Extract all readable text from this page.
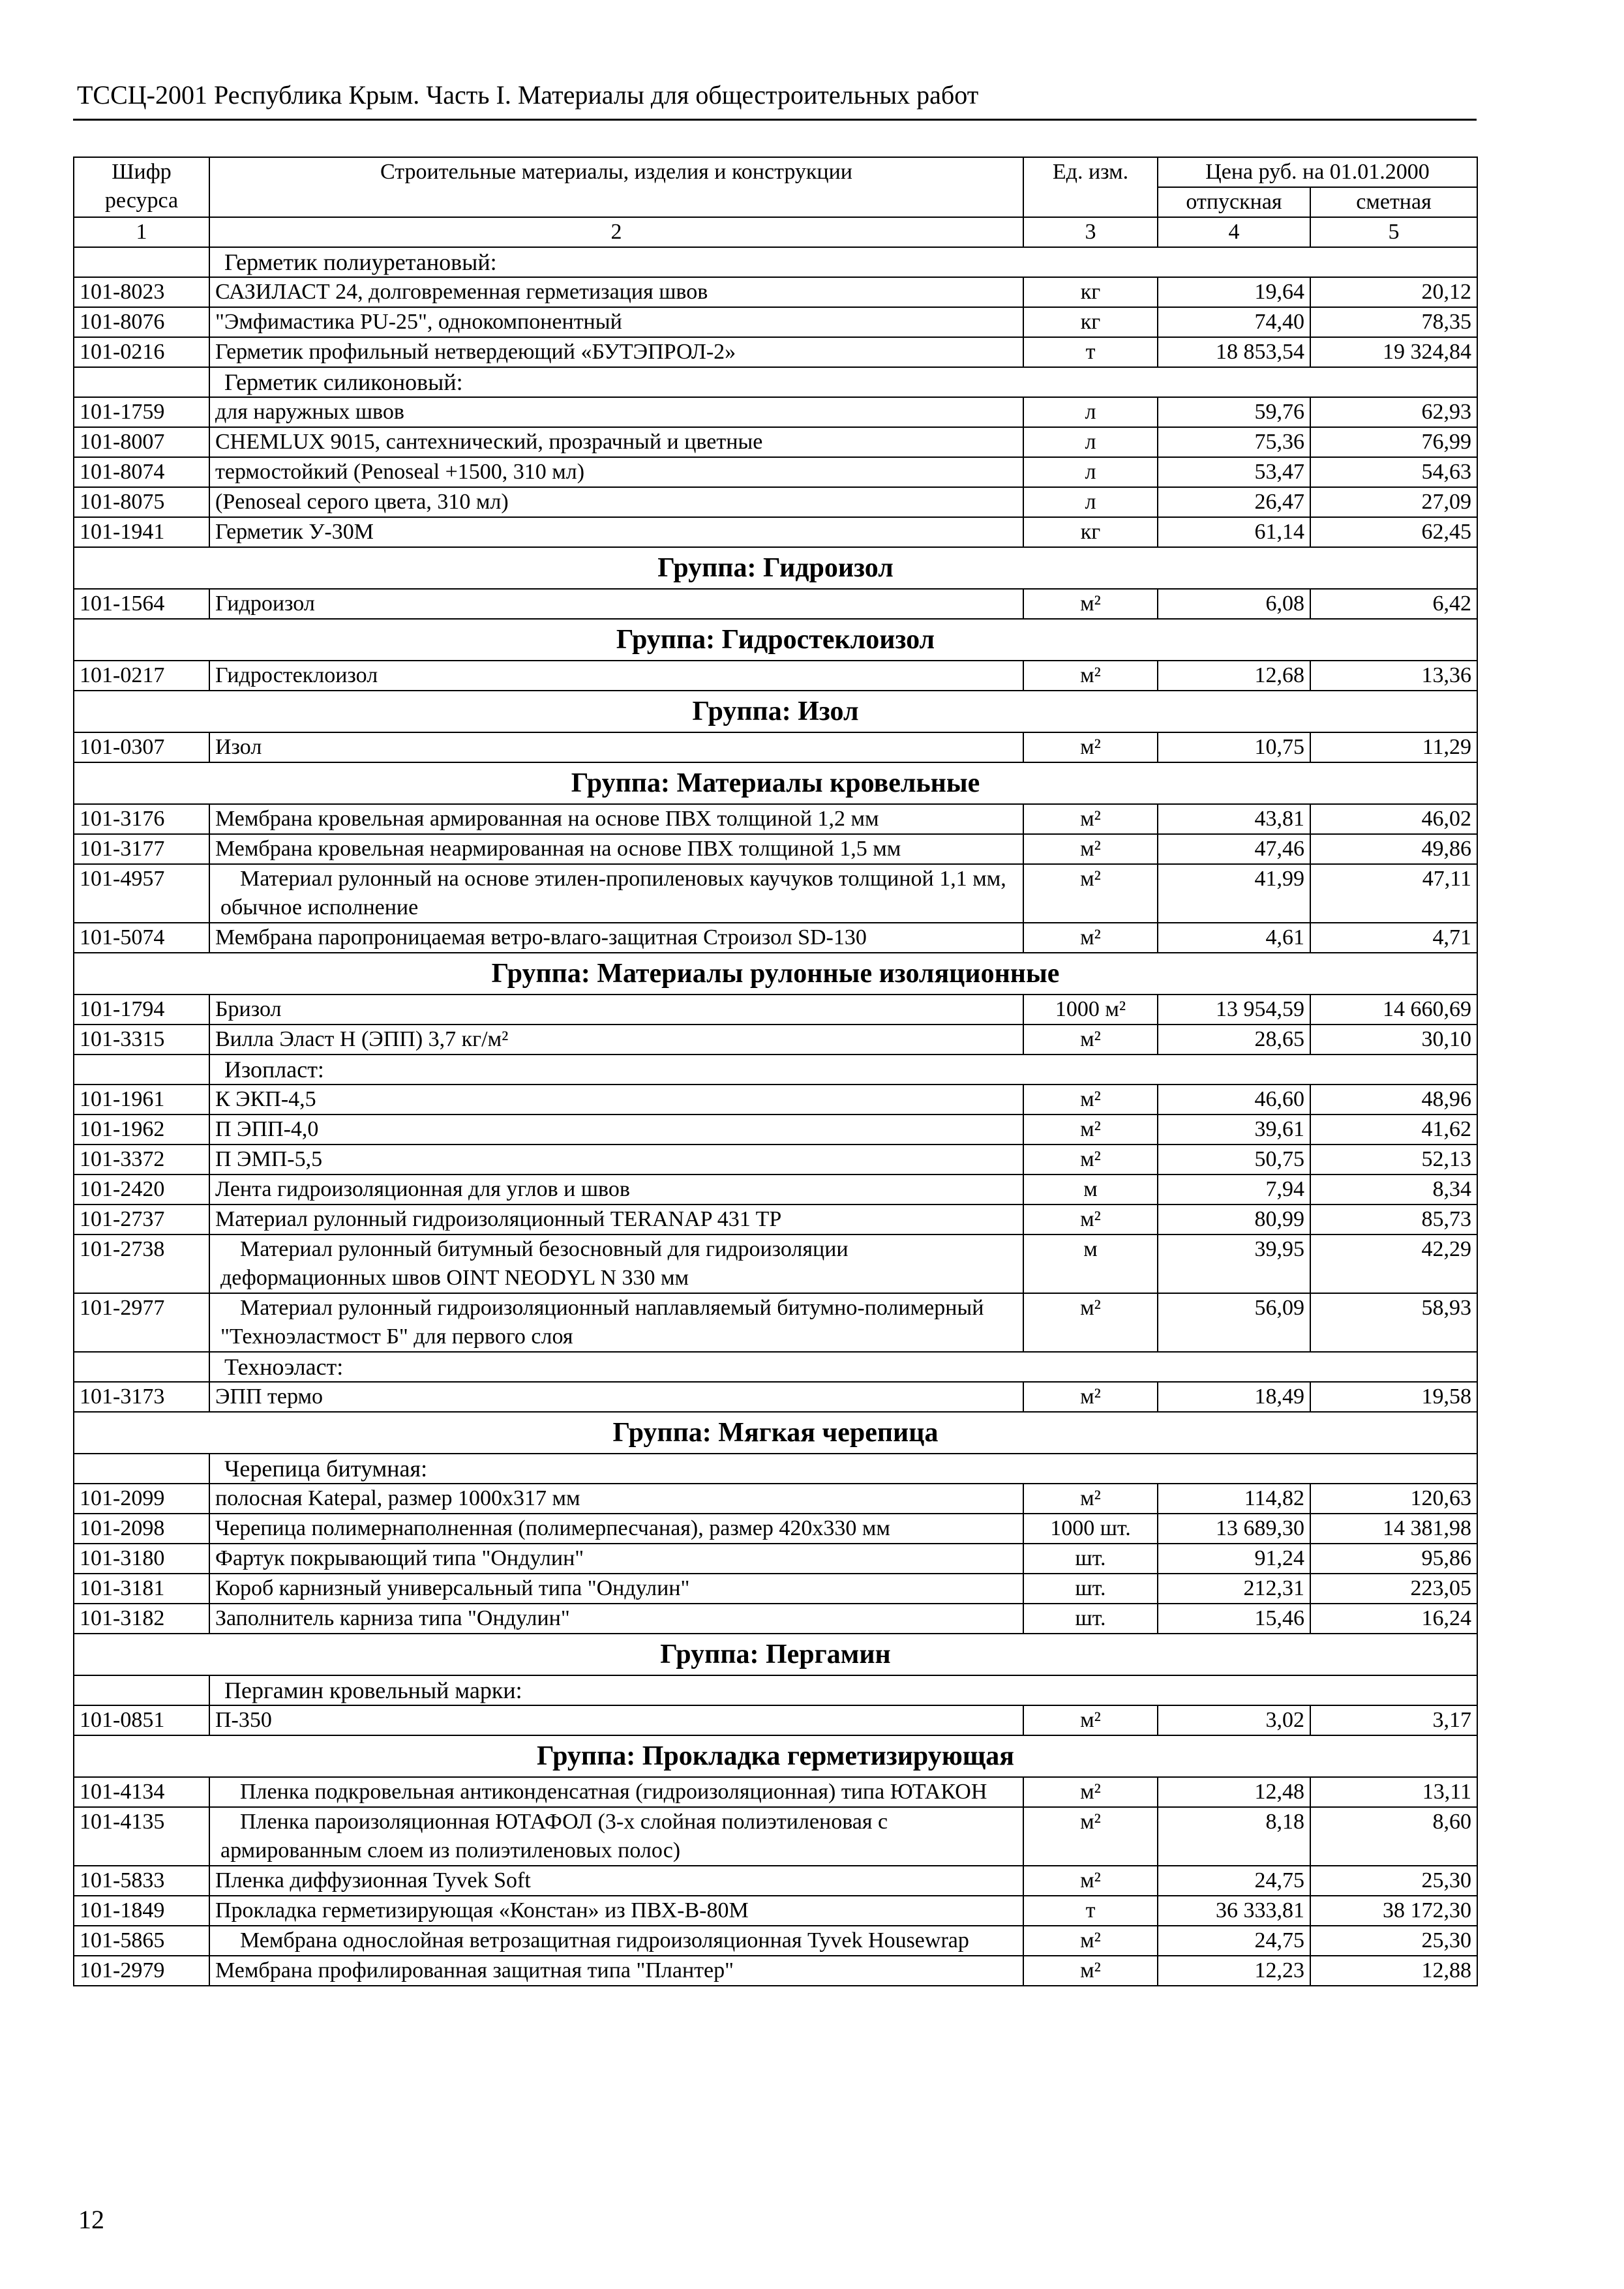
ТССЦ-2001 Республика Крым. Часть I. Материалы для общестроительных работ
Шифр ресурса	Строительные материалы, изделия и конструкции	Ед. изм.	Цена руб. на 01.01.2000	
			отпускная	сметная
1	2	3	4	5
	Герметик полиуретановый:			
101-8023	САЗИЛАСТ 24, долговременная герметизация швов	кг	19,64	20,12
101-8076	"Эмфимастика PU-25", однокомпонентный	кг	74,40	78,35
101-0216	Герметик профильный нетвердеющий «БУТЭПРОЛ-2»	т	18 853,54	19 324,84
	Герметик силиконовый:			
101-1759	для наружных швов	л	59,76	62,93
101-8007	CHEMLUX 9015, сантехнический, прозрачный и цветные	л	75,36	76,99
101-8074	термостойкий (Penoseal +1500, 310 мл)	л	53,47	54,63
101-8075	(Penoseal серого цвета, 310 мл)	л	26,47	27,09
101-1941	Герметик У-30М	кг	61,14	62,45
Группа: Гидроизол				
101-1564	Гидроизол	м²	6,08	6,42
Группа: Гидростеклоизол				
101-0217	Гидростеклоизол	м²	12,68	13,36
Группа: Изол				
101-0307	Изол	м²	10,75	11,29
Группа: Материалы кровельные				
101-3176	Мембрана кровельная армированная на основе ПВХ толщиной 1,2 мм	м²	43,81	46,02
101-3177	Мембрана кровельная неармированная на основе ПВХ толщиной 1,5 мм	м²	47,46	49,86
101-4957	Материал рулонный на основе этилен-пропиленовых каучуков толщиной 1,1 мм, обычное исполнение	м²	41,99	47,11
101-5074	Мембрана паропроницаемая ветро-влаго-защитная Строизол SD-130	м²	4,61	4,71
Группа: Материалы рулонные изоляционные				
101-1794	Бризол	1000 м²	13 954,59	14 660,69
101-3315	Вилла Эласт Н (ЭПП) 3,7 кг/м²	м²	28,65	30,10
	Изопласт:			
101-1961	К ЭКП-4,5	м²	46,60	48,96
101-1962	П ЭПП-4,0	м²	39,61	41,62
101-3372	П ЭМП-5,5	м²	50,75	52,13
101-2420	Лента гидроизоляционная для углов и швов	м	7,94	8,34
101-2737	Материал рулонный гидроизоляционный TERANAP 431 TP	м²	80,99	85,73
101-2738	Материал рулонный битумный безосновный для гидроизоляции деформационных швов OINT NEODYL N 330 мм	м	39,95	42,29
101-2977	Материал рулонный гидроизоляционный наплавляемый битумно-полимерный "Техноэластмост Б" для первого слоя	м²	56,09	58,93
	Техноэласт:			
101-3173	ЭПП термо	м²	18,49	19,58
Группа: Мягкая черепица				
	Черепица битумная:			
101-2099	полосная Katepal, размер 1000x317 мм	м²	114,82	120,63
101-2098	Черепица полимернаполненная (полимерпесчаная), размер 420x330 мм	1000 шт.	13 689,30	14 381,98
101-3180	Фартук покрывающий типа "Ондулин"	шт.	91,24	95,86
101-3181	Короб карнизный универсальный типа "Ондулин"	шт.	212,31	223,05
101-3182	Заполнитель карниза типа "Ондулин"	шт.	15,46	16,24
Группа: Пергамин				
	Пергамин кровельный марки:			
101-0851	П-350	м²	3,02	3,17
Группа: Прокладка герметизирующая				
101-4134	Пленка подкровельная антиконденсатная (гидроизоляционная) типа ЮТАКОН	м²	12,48	13,11
101-4135	Пленка пароизоляционная ЮТАФОЛ (3-х слойная полиэтиленовая с армированным слоем из полиэтиленовых полос)	м²	8,18	8,60
101-5833	Пленка диффузионная Tyvek Soft	м²	24,75	25,30
101-1849	Прокладка герметизирующая «Констан» из ПВХ-В-80М	т	36 333,81	38 172,30
101-5865	Мембрана однослойная ветрозащитная гидроизоляционная Tyvek Housewrap	м²	24,75	25,30
101-2979	Мембрана профилированная защитная типа "Плантер"	м²	12,23	12,88
12
